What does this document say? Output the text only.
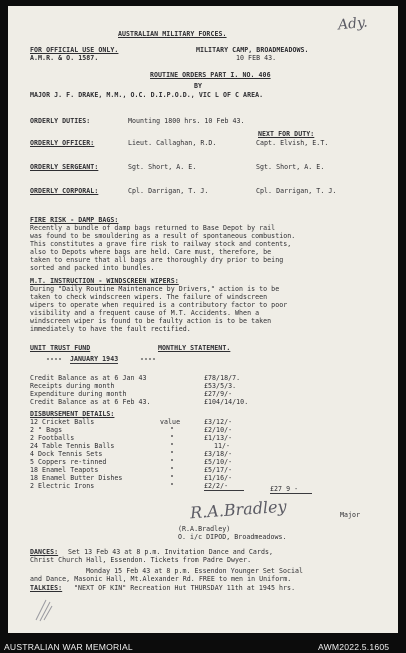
Ady.
AUSTRALIAN MILITARY FORCES.
FOR OFFICIAL USE ONLY.	MILITARY CAMP, BROADMEADOWS.
A.M.R. & O. 1587.	10 FEB 43.
ROUTINE ORDERS PART I. NO. 406
BY
MAJOR J. F. DRAKE, M.M., O.C. D.I.P.O.D., VIC L OF C AREA.
ORDERLY DUTIES:	Mounting 1800 hrs. 10 Feb 43.
NEXT FOR DUTY:
ORDERLY OFFICER:	Lieut. Callaghan, R.D.	Capt. Elvish, E.T.
ORDERLY SERGEANT:	Sgt. Short, A. E.	Sgt. Short, A. E.
ORDERLY CORPORAL:	Cpl. Darrigan, T. J.	Cpl. Darrigan, T. J.
FIRE RISK - DAMP BAGS:
Recently a bundle of damp bags returned to Base Depot by rail
was found to be smouldering as a result of spontaneous combustion.
This constitutes a grave fire risk to railway stock and contents,
also to Depots where bags are held. Care must, therefore, be
taken to ensure that all bags are thoroughly dry prior to being
sorted and packed into bundles.
M.T. INSTRUCTION - WINDSCREEN WIPERS:
During "Daily Routine Maintenance by Drivers," action is to be
taken to check windscreen wipers. The failure of windscreen
wipers to operate when required is a contributory factor to poor
visibility and a frequent cause of M.T. Accidents. When a
windscreen wiper is found to be faulty action is to be taken
immediately to have the fault rectified.
UNIT TRUST FUND	MONTHLY STATEMENT.
---- JANUARY 1943	----
Credit Balance as at 6 Jan 43	£78/18/7.
Receipts during month	£53/5/3.
Expenditure during month	£27/9/-
Credit Balance as at 6 Feb 43.	£104/14/10.
DISBURSEMENT DETAILS:
12 Cricket Balls	value	£3/12/-
2 " Bags	"	£2/10/-
2 Footballs	"	£1/13/-
24 Table Tennis Balls	"	11/-
4 Dock Tennis Sets	"	£3/18/-
5 Coppers re-tinned	"	£5/10/-
18 Enamel Teapots	"	£5/17/-
18 Enamel Butter Dishes	"	£1/16/-
2 Electric Irons	"	£2/2/-	£27 9 -
R.A.Bradley	Major
(R.A.Bradley)
O. i/c DIPOD, Broadmeadows.
DANCES: Set 13 Feb 43 at 8 p.m. Invitation Dance and Cards,
Christ Church Hall, Essendon. Tickets from Padre Dwyer.
Monday 15 Feb 43 at 8 p.m. Essendon Younger Set Social
and Dance, Masonic Hall, Mt.Alexander Rd. FREE to men in Uniform.
TALKIES: "NEXT OF KIN" Recreation Hut THURSDAY 11th at 1945 hrs.
AUSTRALIAN WAR MEMORIAL	AWM2022.5.1605
